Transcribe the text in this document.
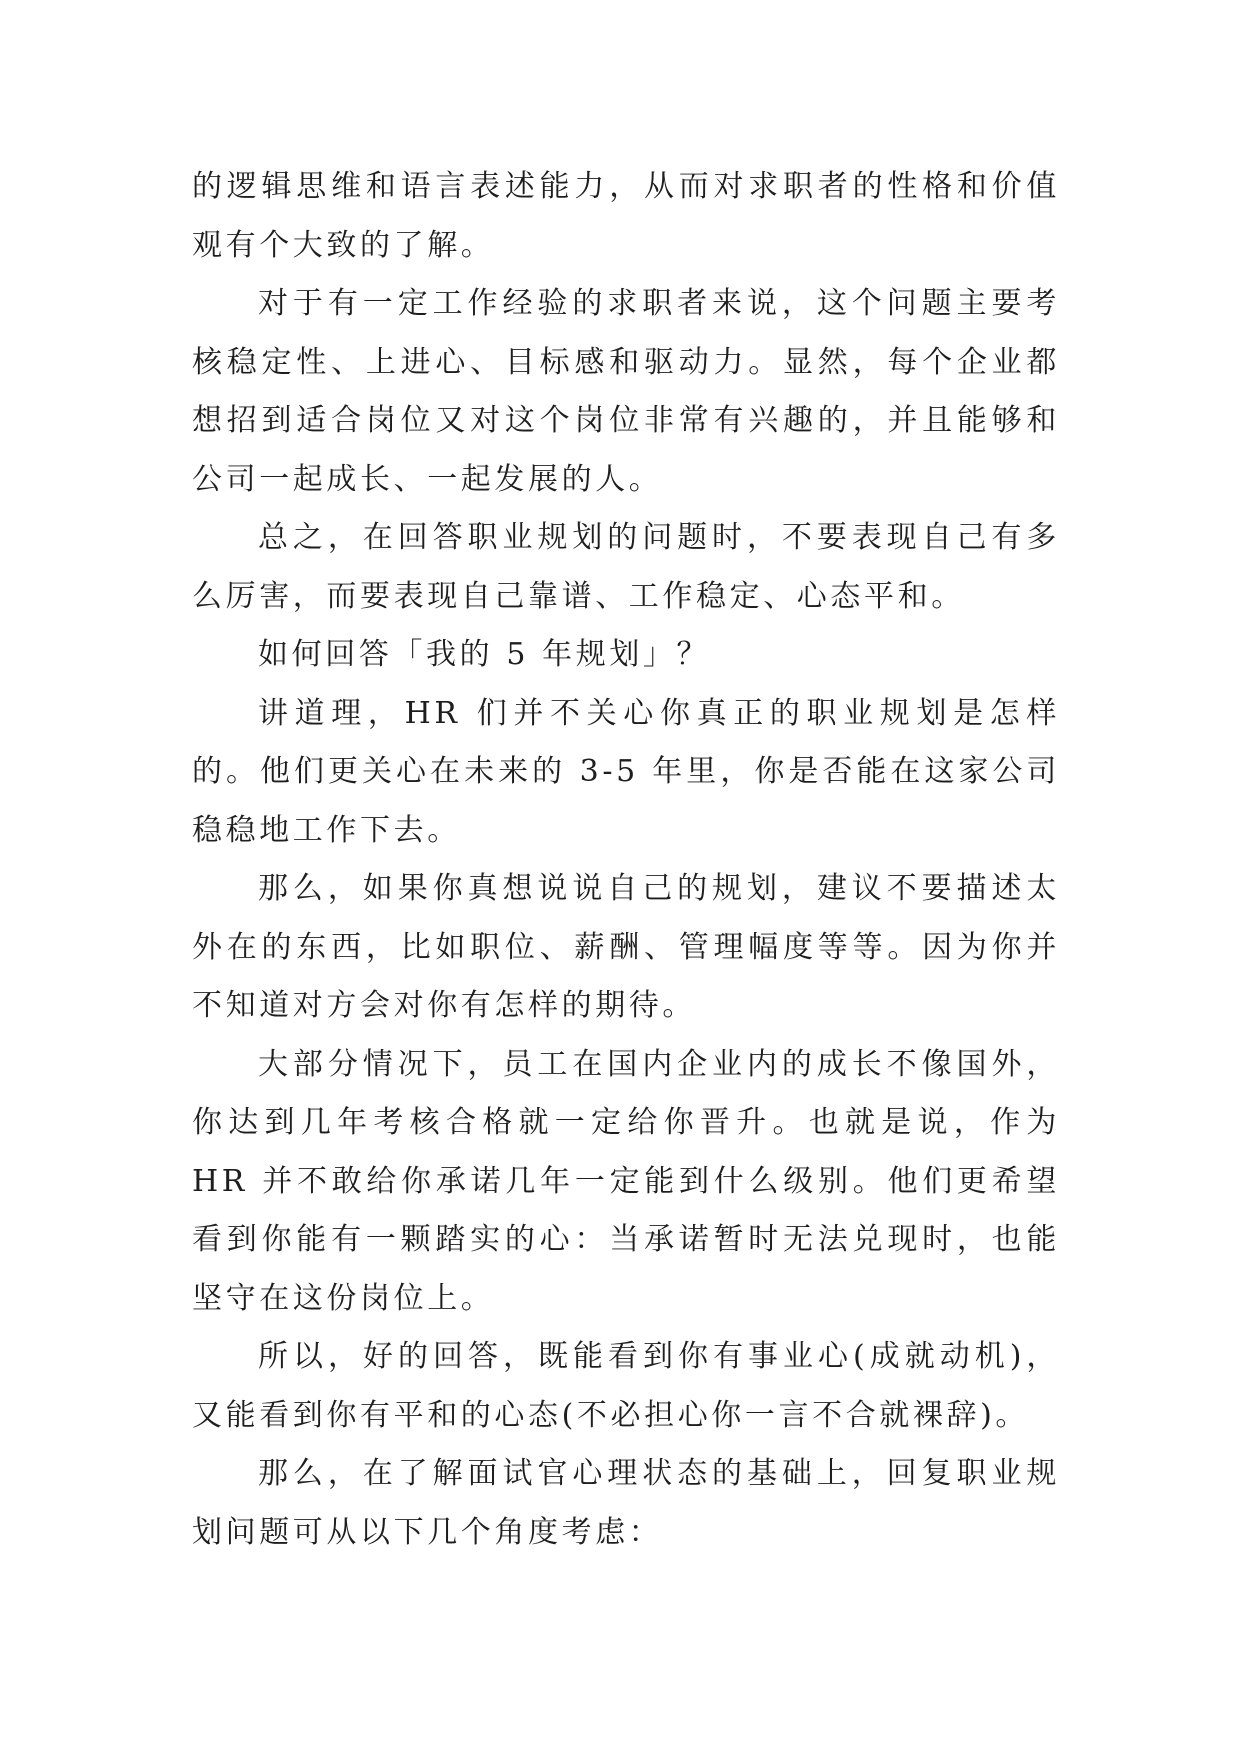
的逻辑思维和语言表述能力，从而对求职者的性格和价值观有个大致的了解。

对于有一定工作经验的求职者来说，这个问题主要考核稳定性、上进心、目标感和驱动力。显然，每个企业都想招到适合岗位又对这个岗位非常有兴趣的，并且能够和公司一起成长、一起发展的人。

总之，在回答职业规划的问题时，不要表现自己有多么厉害，而要表现自己靠谱、工作稳定、心态平和。

如何回答「我的 5 年规划」？

讲道理，HR 们并不关心你真正的职业规划是怎样的。他们更关心在未来的 3-5 年里，你是否能在这家公司稳稳地工作下去。

那么，如果你真想说说自己的规划，建议不要描述太外在的东西，比如职位、薪酬、管理幅度等等。因为你并不知道对方会对你有怎样的期待。

大部分情况下，员工在国内企业内的成长不像国外，你达到几年考核合格就一定给你晋升。也就是说，作为 HR 并不敢给你承诺几年一定能到什么级别。他们更希望看到你能有一颗踏实的心：当承诺暂时无法兑现时，也能坚守在这份岗位上。

所以，好的回答，既能看到你有事业心(成就动机)，又能看到你有平和的心态(不必担心你一言不合就裸辞)。

那么，在了解面试官心理状态的基础上，回复职业规划问题可从以下几个角度考虑：
